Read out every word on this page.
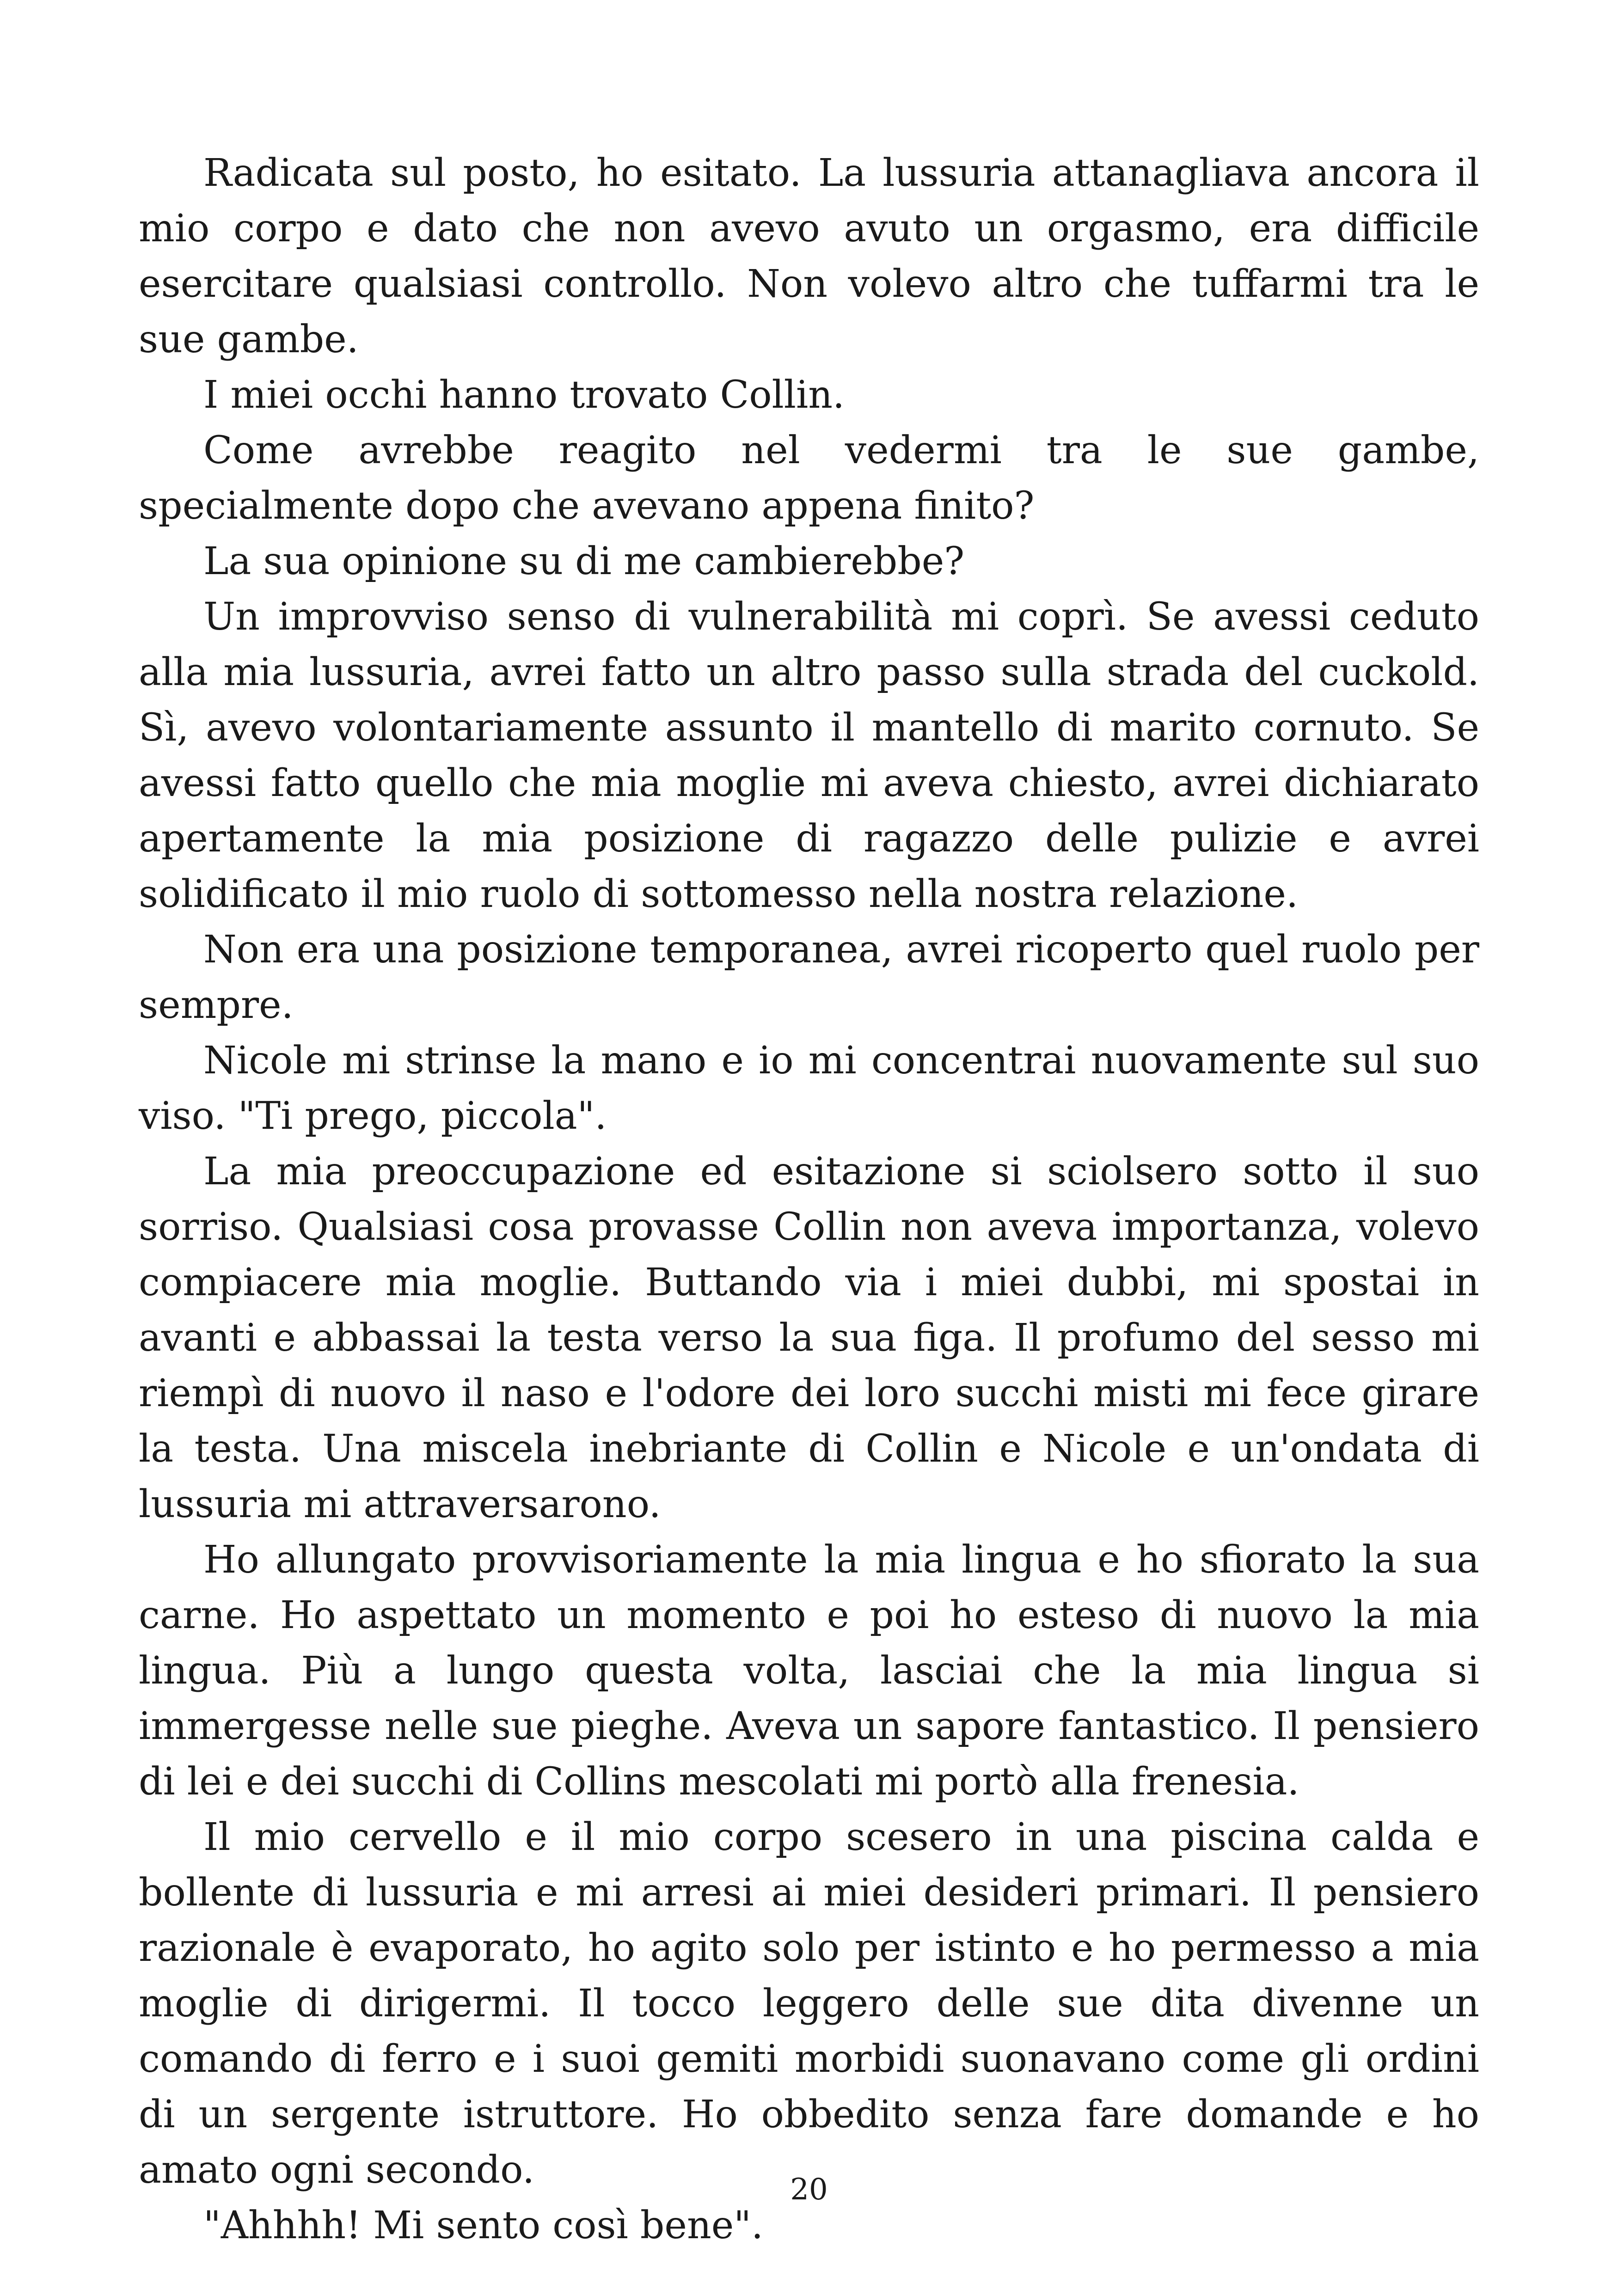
Radicata sul posto, ho esitato. La lussuria attanagliava ancora il mio corpo e dato che non avevo avuto un orgasmo, era difficile esercitare qualsiasi controllo. Non volevo altro che tuffarmi tra le sue gambe.

I miei occhi hanno trovato Collin.

Come avrebbe reagito nel vedermi tra le sue gambe, specialmente dopo che avevano appena finito?

La sua opinione su di me cambierebbe?

Un improvviso senso di vulnerabilità mi coprì. Se avessi ceduto alla mia lussuria, avrei fatto un altro passo sulla strada del cuckold. Sì, avevo volontariamente assunto il mantello di marito cornuto. Se avessi fatto quello che mia moglie mi aveva chiesto, avrei dichiarato apertamente la mia posizione di ragazzo delle pulizie e avrei solidificato il mio ruolo di sottomesso nella nostra relazione.

Non era una posizione temporanea, avrei ricoperto quel ruolo per sempre.

Nicole mi strinse la mano e io mi concentrai nuovamente sul suo viso. "Ti prego, piccola".

La mia preoccupazione ed esitazione si sciolsero sotto il suo sorriso. Qualsiasi cosa provasse Collin non aveva importanza, volevo compiacere mia moglie. Buttando via i miei dubbi, mi spostai in avanti e abbassai la testa verso la sua figa. Il profumo del sesso mi riempì di nuovo il naso e l'odore dei loro succhi misti mi fece girare la testa. Una miscela inebriante di Collin e Nicole e un'ondata di lussuria mi attraversarono.

Ho allungato provvisoriamente la mia lingua e ho sfiorato la sua carne. Ho aspettato un momento e poi ho esteso di nuovo la mia lingua. Più a lungo questa volta, lasciai che la mia lingua si immergesse nelle sue pieghe. Aveva un sapore fantastico. Il pensiero di lei e dei succhi di Collins mescolati mi portò alla frenesia.

Il mio cervello e il mio corpo scesero in una piscina calda e bollente di lussuria e mi arresi ai miei desideri primari. Il pensiero razionale è evaporato, ho agito solo per istinto e ho permesso a mia moglie di dirigermi. Il tocco leggero delle sue dita divenne un comando di ferro e i suoi gemiti morbidi suonavano come gli ordini di un sergente istruttore. Ho obbedito senza fare domande e ho amato ogni secondo.

"Ahhhh! Mi sento così bene".

20
